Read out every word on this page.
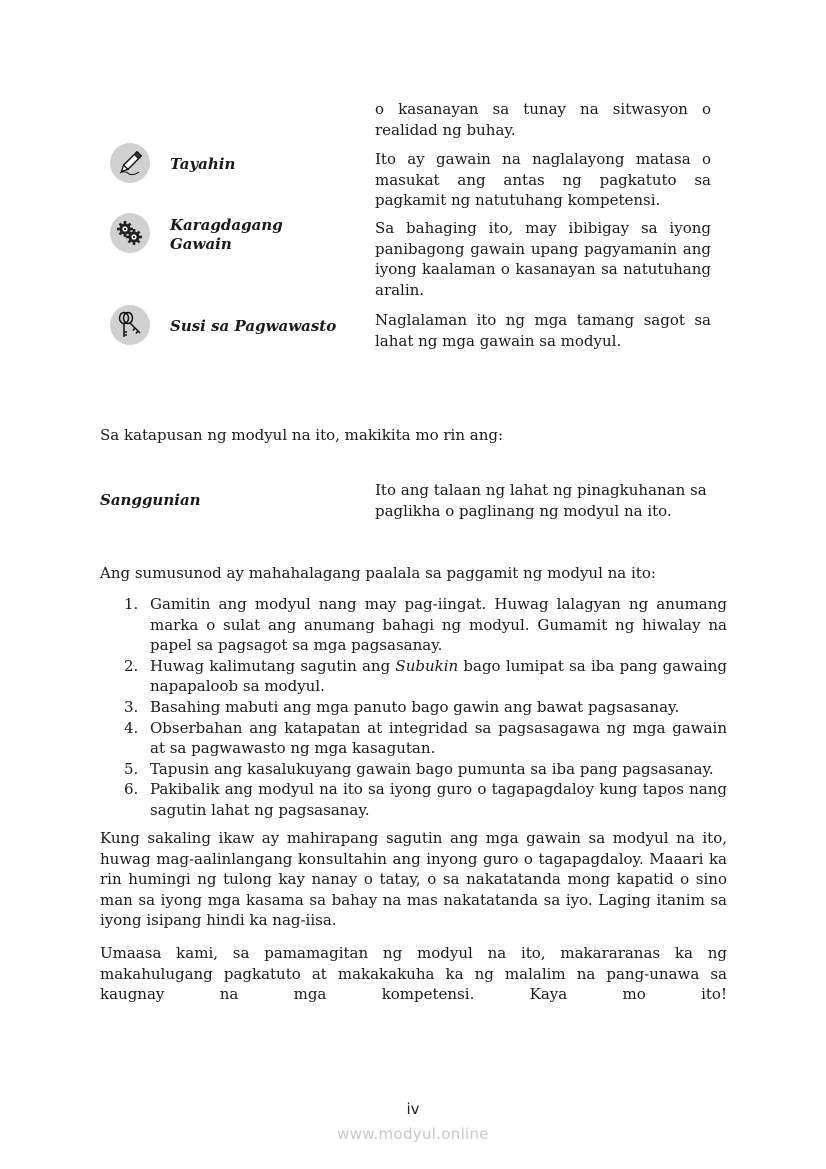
o kasanayan sa tunay na sitwasyon o realidad ng buhay.
Tayahin	Ito ay gawain na naglalayong matasa o masukat ang antas ng pagkatuto sa pagkamit ng natutuhang kompetensi.
Karagdagang
Gawain
Sa bahaging ito, may ibibigay sa iyong panibagong gawain upang pagyamanin ang iyong kaalaman o kasanayan sa natutuhang aralin.
Susi sa Pagwawasto	Naglalaman ito ng mga tamang sagot sa lahat ng mga gawain sa modyul.
Sa katapusan ng modyul na ito, makikita mo rin ang:
Sanggunian
Ito ang talaan ng lahat ng pinagkuhanan sa paglikha o paglinang ng modyul na ito.
Ang sumusunod ay mahahalagang paalala sa paggamit ng modyul na ito:
1. Gamitin ang modyul nang may pag-iingat. Huwag lalagyan ng anumang marka o sulat ang anumang bahagi ng modyul. Gumamit ng hiwalay na papel sa pagsagot sa mga pagsasanay.
2. Huwag kalimutang sagutin ang Subukin bago lumipat sa iba pang gawaing napapaloob sa modyul.
3. Basahing mabuti ang mga panuto bago gawin ang bawat pagsasanay.
4. Obserbahan ang katapatan at integridad sa pagsasagawa ng mga gawain at sa pagwawasto ng mga kasagutan.
5. Tapusin ang kasalukuyang gawain bago pumunta sa iba pang pagsasanay.
6. Pakibalik ang modyul na ito sa iyong guro o tagapagdaloy kung tapos nang sagutin lahat ng pagsasanay.
Kung sakaling ikaw ay mahirapang sagutin ang mga gawain sa modyul na ito, huwag mag-aalinlangang konsultahin ang inyong guro o tagapagdaloy. Maaari ka rin humingi ng tulong kay nanay o tatay, o sa nakatatanda mong kapatid o sino man sa iyong mga kasama sa bahay na mas nakatatanda sa iyo. Laging itanim sa iyong isipang hindi ka nag-iisa.
Umaasa kami, sa pamamagitan ng modyul na ito, makararanas ka ng makahulugang pagkatuto at makakakuha ka ng malalim na pang-unawa sa kaugnay na mga kompetensi. Kaya mo ito!
iv
www.modyul.online
